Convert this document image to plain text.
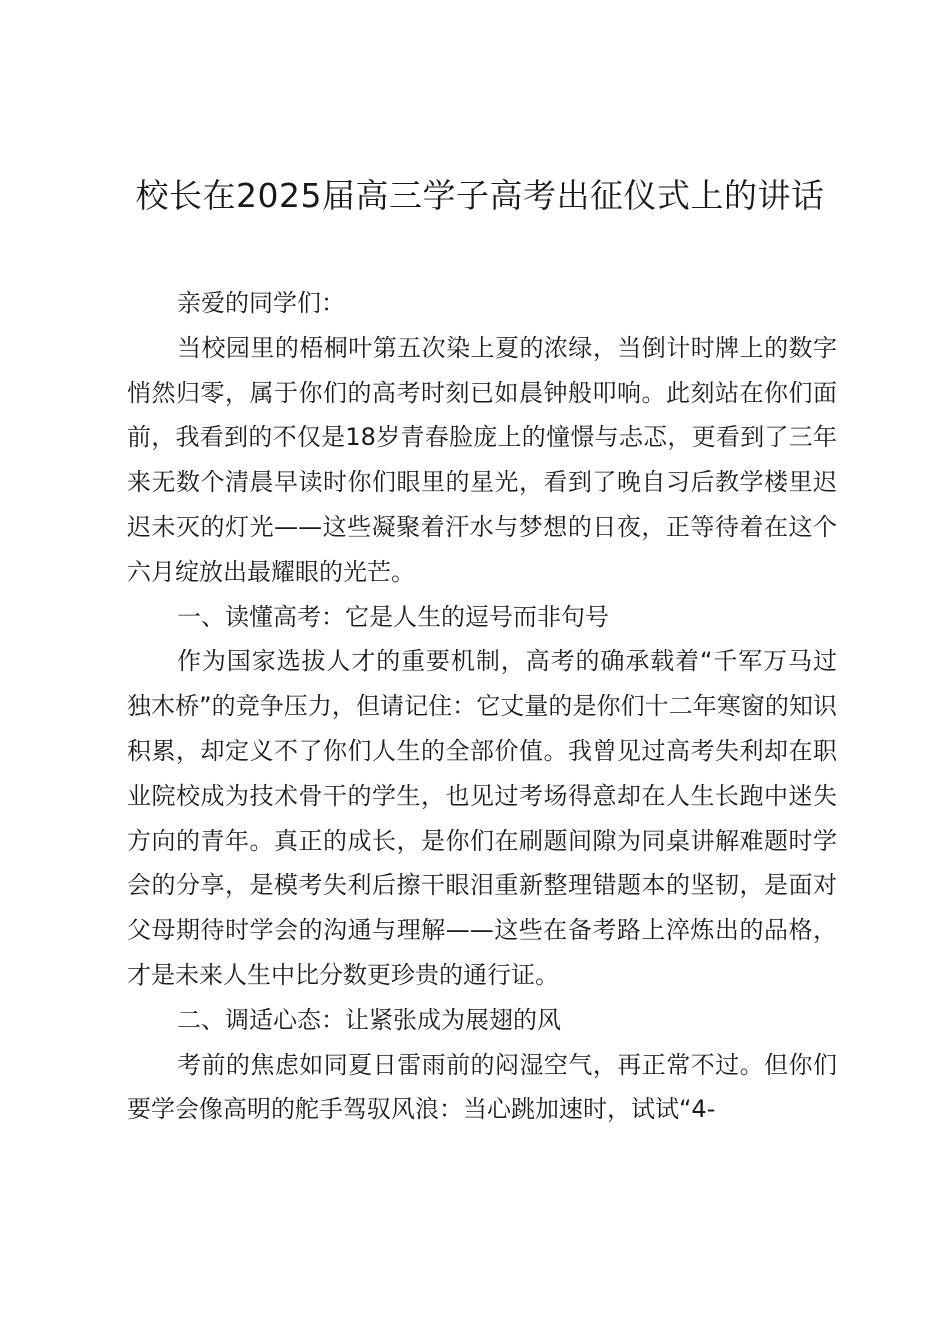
校长在2025届高三学子高考出征仪式上的讲话

亲爱的同学们：

当校园里的梧桐叶第五次染上夏的浓绿，当倒计时牌上的数字悄然归零，属于你们的高考时刻已如晨钟般叩响。此刻站在你们面前，我看到的不仅是18岁青春脸庞上的憧憬与忐忑，更看到了三年来无数个清晨早读时你们眼里的星光，看到了晚自习后教学楼里迟迟未灭的灯光——这些凝聚着汗水与梦想的日夜，正等待着在这个六月绽放出最耀眼的光芒。

一、读懂高考：它是人生的逗号而非句号

作为国家选拔人才的重要机制，高考的确承载着“千军万马过独木桥”的竞争压力，但请记住：它丈量的是你们十二年寒窗的知识积累，却定义不了你们人生的全部价值。我曾见过高考失利却在职业院校成为技术骨干的学生，也见过考场得意却在人生长跑中迷失方向的青年。真正的成长，是你们在刷题间隙为同桌讲解难题时学会的分享，是模考失利后擦干眼泪重新整理错题本的坚韧，是面对父母期待时学会的沟通与理解——这些在备考路上淬炼出的品格，才是未来人生中比分数更珍贵的通行证。

二、调适心态：让紧张成为展翅的风

考前的焦虑如同夏日雷雨前的闷湿空气，再正常不过。但你们要学会像高明的舵手驾驭风浪：当心跳加速时，试试“4-
